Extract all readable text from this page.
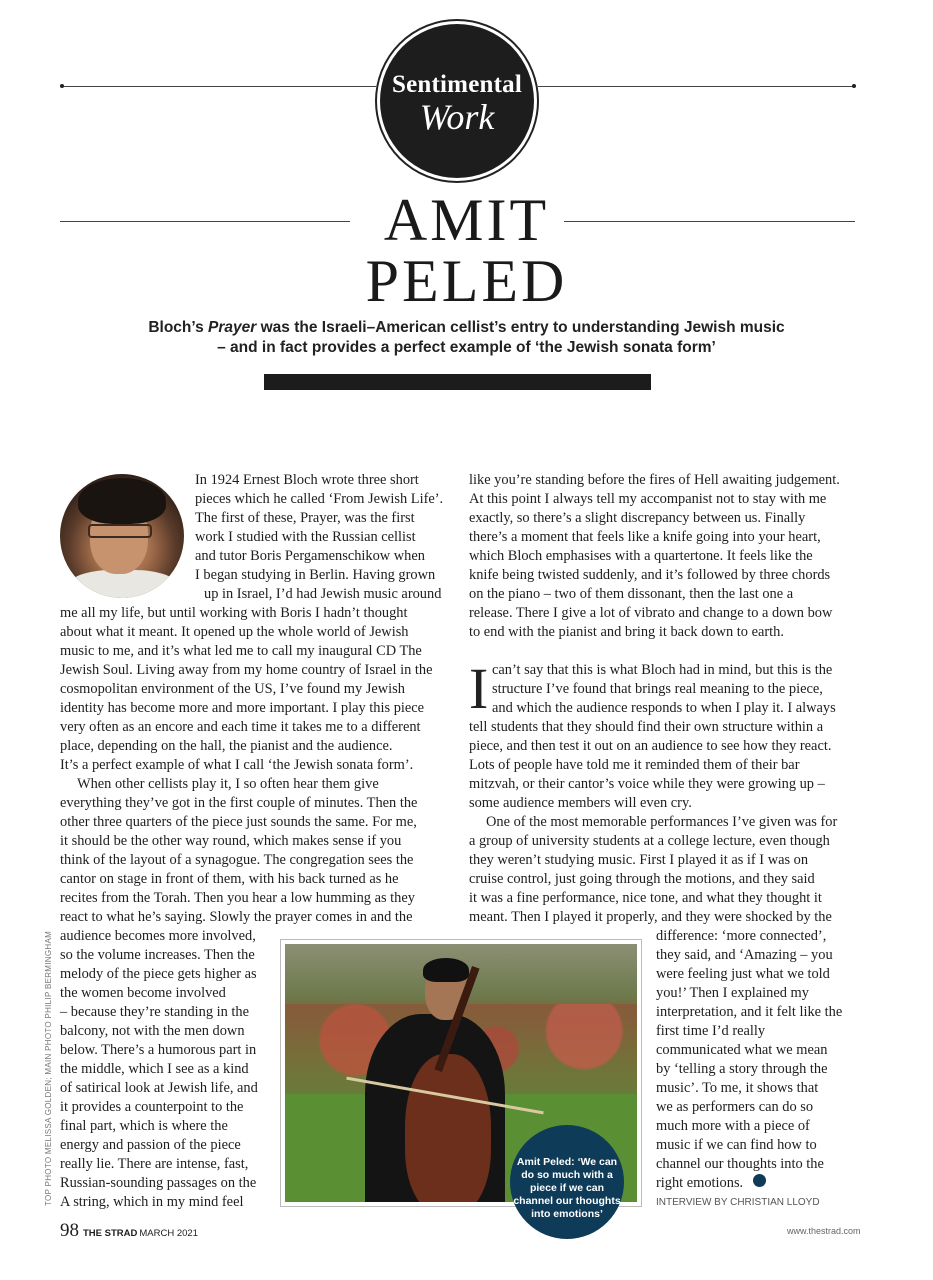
Sentimental
Work
AMIT
PELED
Bloch’s Prayer was the Israeli–American cellist’s entry to understanding Jewish music
– and in fact provides a perfect example of ‘the Jewish sonata form’
In 1924 Ernest Bloch wrote three short
pieces which he called ‘From Jewish Life’.
The first of these, Prayer, was the first
work I studied with the Russian cellist
and tutor Boris Pergamenschikow when
I began studying in Berlin. Having grown
up in Israel, I’d had Jewish music around
me all my life, but until working with Boris I hadn’t thought
about what it meant. It opened up the whole world of Jewish
music to me, and it’s what led me to call my inaugural CD The
Jewish Soul. Living away from my home country of Israel in the
cosmopolitan environment of the US, I’ve found my Jewish
identity has become more and more important. I play this piece
very often as an encore and each time it takes me to a different
place, depending on the hall, the pianist and the audience.
It’s a perfect example of what I call ‘the Jewish sonata form’.
When other cellists play it, I so often hear them give
everything they’ve got in the first couple of minutes. Then the
other three quarters of the piece just sounds the same. For me,
it should be the other way round, which makes sense if you
think of the layout of a synagogue. The congregation sees the
cantor on stage in front of them, with his back turned as he
recites from the Torah. Then you hear a low humming as they
react to what he’s saying. Slowly the prayer comes in and the
audience becomes more involved,
so the volume increases. Then the
melody of the piece gets higher as
the women become involved
– because they’re standing in the
balcony, not with the men down
below. There’s a humorous part in
the middle, which I see as a kind
of satirical look at Jewish life, and
it provides a counterpoint to the
final part, which is where the
energy and passion of the piece
really lie. There are intense, fast,
Russian-sounding passages on the
A string, which in my mind feel
like you’re standing before the fires of Hell awaiting judgement.
At this point I always tell my accompanist not to stay with me
exactly, so there’s a slight discrepancy between us. Finally
there’s a moment that feels like a knife going into your heart,
which Bloch emphasises with a quartertone. It feels like the
knife being twisted suddenly, and it’s followed by three chords
on the piano – two of them dissonant, then the last one a
release. There I give a lot of vibrato and change to a down bow
to end with the pianist and bring it back down to earth.
I can’t say that this is what Bloch had in mind, but this is the
structure I’ve found that brings real meaning to the piece,
and which the audience responds to when I play it. I always
tell students that they should find their own structure within a
piece, and then test it out on an audience to see how they react.
Lots of people have told me it reminded them of their bar
mitzvah, or their cantor’s voice while they were growing up –
some audience members will even cry.
One of the most memorable performances I’ve given was for
a group of university students at a college lecture, even though
they weren’t studying music. First I played it as if I was on
cruise control, just going through the motions, and they said
it was a fine performance, nice tone, and what they thought it
meant. Then I played it properly, and they were shocked by the
difference: ‘more connected’,
they said, and ‘Amazing – you
were feeling just what we told
you!’ Then I explained my
interpretation, and it felt like the
first time I’d really
communicated what we mean
by ‘telling a story through the
music’. To me, it shows that
we as performers can do so
much more with a piece of
music if we can find how to
channel our thoughts into the
right emotions.
INTERVIEW BY CHRISTIAN LLOYD
Amit Peled: ‘We can
do so much with a
piece if we can
channel our thoughts
into emotions’
TOP PHOTO MELISSA GOLDEN; MAIN PHOTO PHILIP BERMINGHAM
98 THE STRAD MARCH 2021	www.thestrad.com
